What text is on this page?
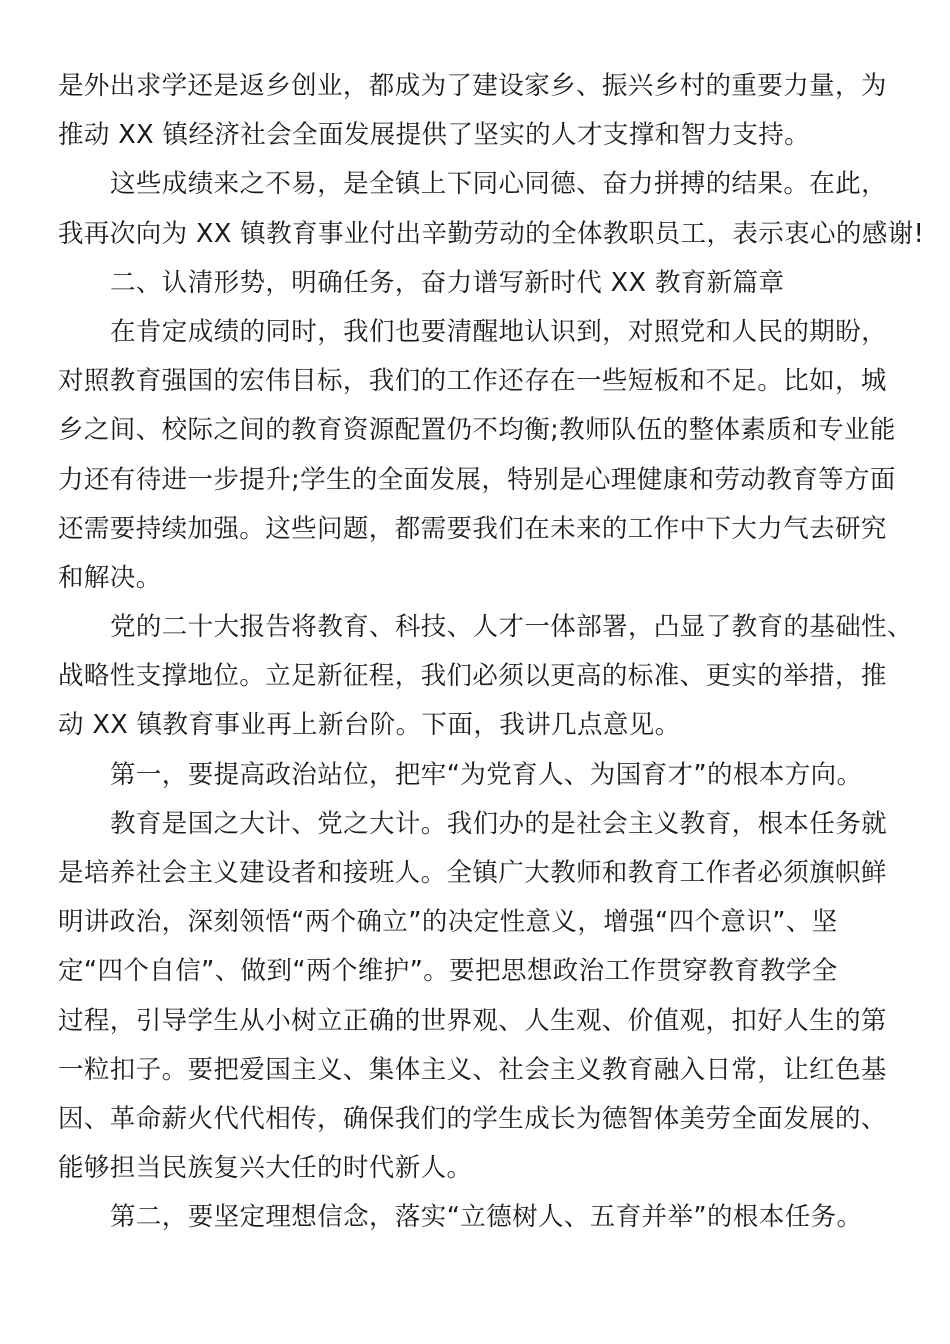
是外出求学还是返乡创业，都成为了建设家乡、振兴乡村的重要力量，为
推动 XX 镇经济社会全面发展提供了坚实的人才支撑和智力支持。
这些成绩来之不易，是全镇上下同心同德、奋力拼搏的结果。在此，
我再次向为 XX 镇教育事业付出辛勤劳动的全体教职员工，表示衷心的感谢!
二、认清形势，明确任务，奋力谱写新时代 XX 教育新篇章
在肯定成绩的同时，我们也要清醒地认识到，对照党和人民的期盼，
对照教育强国的宏伟目标，我们的工作还存在一些短板和不足。比如，城
乡之间、校际之间的教育资源配置仍不均衡;教师队伍的整体素质和专业能
力还有待进一步提升;学生的全面发展，特别是心理健康和劳动教育等方面
还需要持续加强。这些问题，都需要我们在未来的工作中下大力气去研究
和解决。
党的二十大报告将教育、科技、人才一体部署，凸显了教育的基础性、
战略性支撑地位。立足新征程，我们必须以更高的标准、更实的举措，推
动 XX 镇教育事业再上新台阶。下面，我讲几点意见。
第一，要提高政治站位，把牢“为党育人、为国育才”的根本方向。
教育是国之大计、党之大计。我们办的是社会主义教育，根本任务就
是培养社会主义建设者和接班人。全镇广大教师和教育工作者必须旗帜鲜
明讲政治，深刻领悟“两个确立”的决定性意义，增强“四个意识”、坚
定“四个自信”、做到“两个维护”。要把思想政治工作贯穿教育教学全
过程，引导学生从小树立正确的世界观、人生观、价值观，扣好人生的第
一粒扣子。要把爱国主义、集体主义、社会主义教育融入日常，让红色基
因、革命薪火代代相传，确保我们的学生成长为德智体美劳全面发展的、
能够担当民族复兴大任的时代新人。
第二，要坚定理想信念，落实“立德树人、五育并举”的根本任务。
